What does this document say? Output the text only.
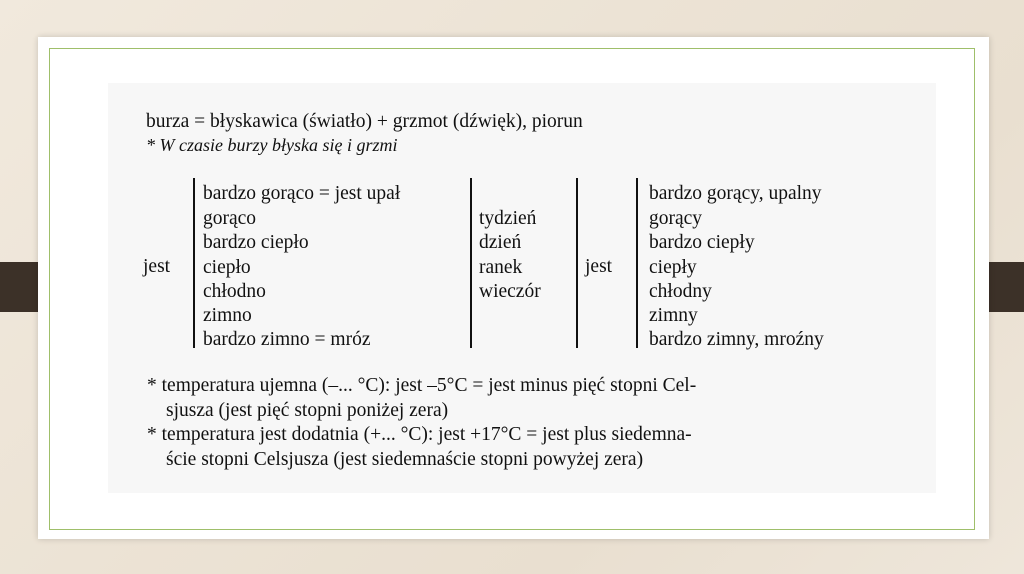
burza = błyskawica (światło) + grzmot (dźwięk), piorun
* W czasie burzy błyska się i grzmi
jest
bardzo gorąco = jest upał
gorąco
bardzo ciepło
ciepło
chłodno
zimno
bardzo zimno = mróz
tydzień
dzień
ranek
wieczór
jest
bardzo gorący, upalny
gorący
bardzo ciepły
ciepły
chłodny
zimny
bardzo zimny, mroźny
* temperatura ujemna (–... °C): jest –5°C = jest minus pięć stopni Cel-
sjusza (jest pięć stopni poniżej zera)
* temperatura jest dodatnia (+... °C): jest +17°C = jest plus siedemna-
ście stopni Celsjusza (jest siedemnaście stopni powyżej zera)
